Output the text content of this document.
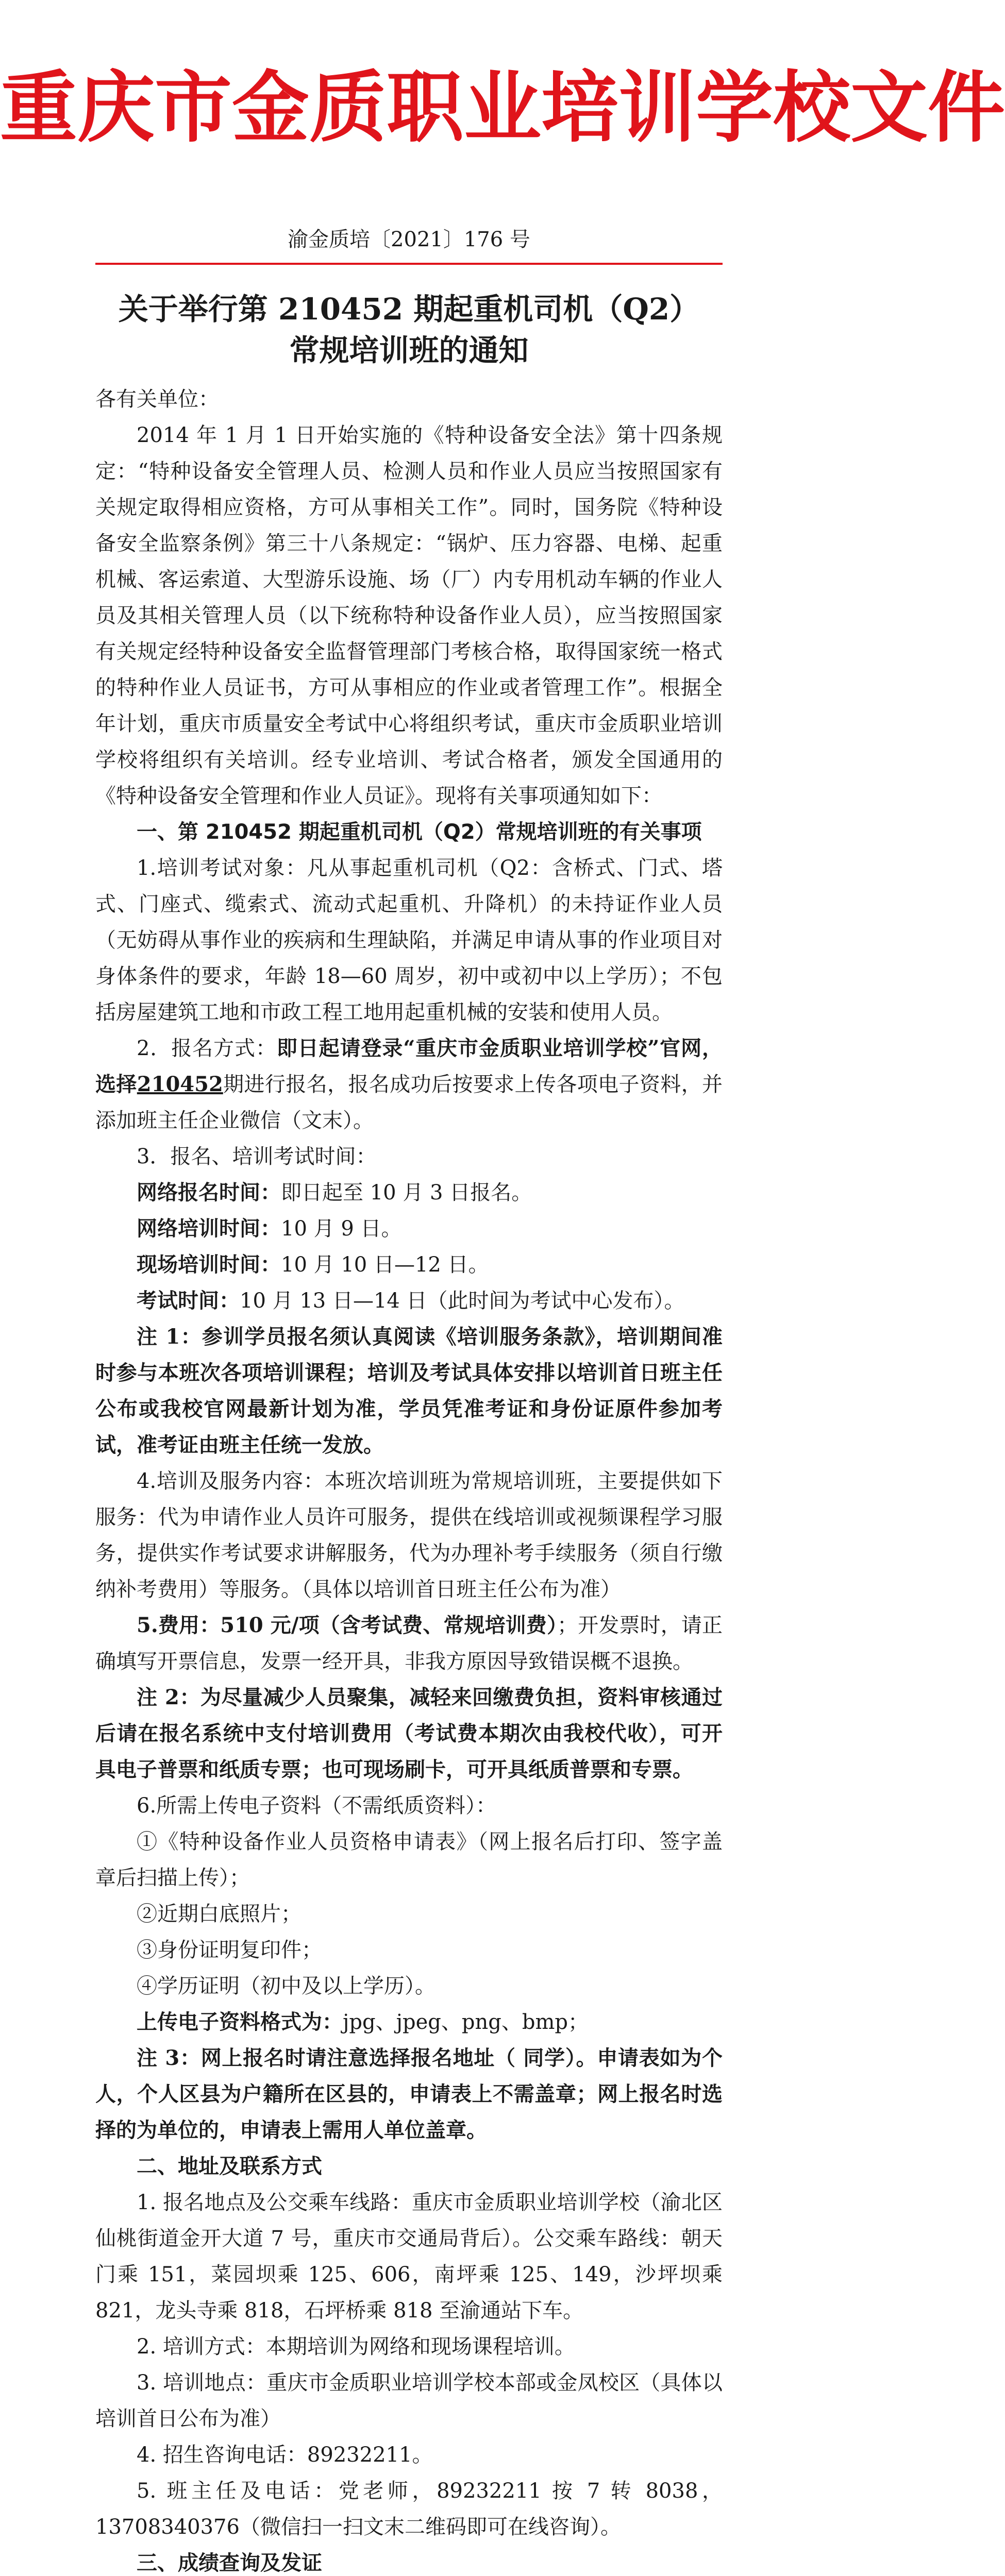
重庆市金质职业培训学校文件
渝金质培〔2021〕176 号
关于举行第 210452 期起重机司机（Q2）
常规培训班的通知

各有关单位：

2014 年 1 月 1 日开始实施的《特种设备安全法》第十四条规定：“特种设备安全管理人员、检测人员和作业人员应当按照国家有关规定取得相应资格，方可从事相关工作”。同时，国务院《特种设备安全监察条例》第三十八条规定：“锅炉、压力容器、电梯、起重机械、客运索道、大型游乐设施、场（厂）内专用机动车辆的作业人员及其相关管理人员（以下统称特种设备作业人员），应当按照国家有关规定经特种设备安全监督管理部门考核合格，取得国家统一格式的特种作业人员证书，方可从事相应的作业或者管理工作”。根据全年计划，重庆市质量安全考试中心将组织考试，重庆市金质职业培训学校将组织有关培训。经专业培训、考试合格者，颁发全国通用的《特种设备安全管理和作业人员证》。现将有关事项通知如下：

一、第 210452 期起重机司机（Q2）常规培训班的有关事项

1.培训考试对象：凡从事起重机司机（Q2：含桥式、门式、塔式、门座式、缆索式、流动式起重机、升降机）的未持证作业人员（无妨碍从事作业的疾病和生理缺陷，并满足申请从事的作业项目对身体条件的要求，年龄 18—60 周岁，初中或初中以上学历）；不包括房屋建筑工地和市政工程工地用起重机械的安装和使用人员。

2．报名方式：即日起请登录“重庆市金质职业培训学校”官网，选择210452期进行报名，报名成功后按要求上传各项电子资料，并添加班主任企业微信（文末）。

3．报名、培训考试时间：

网络报名时间：即日起至 10 月 3 日报名。

网络培训时间：10 月 9 日。

现场培训时间：10 月 10 日—12 日。

考试时间：10 月 13 日—14 日（此时间为考试中心发布）。

注 1：参训学员报名须认真阅读《培训服务条款》，培训期间准时参与本班次各项培训课程；培训及考试具体安排以培训首日班主任公布或我校官网最新计划为准，学员凭准考证和身份证原件参加考试，准考证由班主任统一发放。

4.培训及服务内容：本班次培训班为常规培训班，主要提供如下服务：代为申请作业人员许可服务，提供在线培训或视频课程学习服务，提供实作考试要求讲解服务，代为办理补考手续服务（须自行缴纳补考费用）等服务。（具体以培训首日班主任公布为准）

5.费用：510 元/项（含考试费、常规培训费）；开发票时，请正确填写开票信息，发票一经开具，非我方原因导致错误概不退换。

注 2：为尽量减少人员聚集，减轻来回缴费负担，资料审核通过后请在报名系统中支付培训费用（考试费本期次由我校代收），可开具电子普票和纸质专票；也可现场刷卡，可开具纸质普票和专票。

6.所需上传电子资料（不需纸质资料）：

①《特种设备作业人员资格申请表》（网上报名后打印、签字盖章后扫描上传）；

②近期白底照片；

③身份证明复印件；

④学历证明（初中及以上学历）。

上传电子资料格式为：jpg、jpeg、png、bmp；

注 3：网上报名时请注意选择报名地址（ 同学）。申请表如为个人，个人区县为户籍所在区县的，申请表上不需盖章；网上报名时选择的为单位的，申请表上需用人单位盖章。

二、地址及联系方式

1. 报名地点及公交乘车线路：重庆市金质职业培训学校（渝北区仙桃街道金开大道 7 号，重庆市交通局背后）。公交乘车路线：朝天门乘 151，菜园坝乘 125、606，南坪乘 125、149，沙坪坝乘 821，龙头寺乘 818，石坪桥乘 818 至渝通站下车。

2. 培训方式：本期培训为网络和现场课程培训。

3. 培训地点：重庆市金质职业培训学校本部或金凤校区（具体以培训首日公布为准）

4. 招生咨询电话：89232211。

5. 班主任及电话：党老师，89232211 按 7 转 8038，13708340376（微信扫一扫文末二维码即可在线咨询）。

三、成绩查询及发证
